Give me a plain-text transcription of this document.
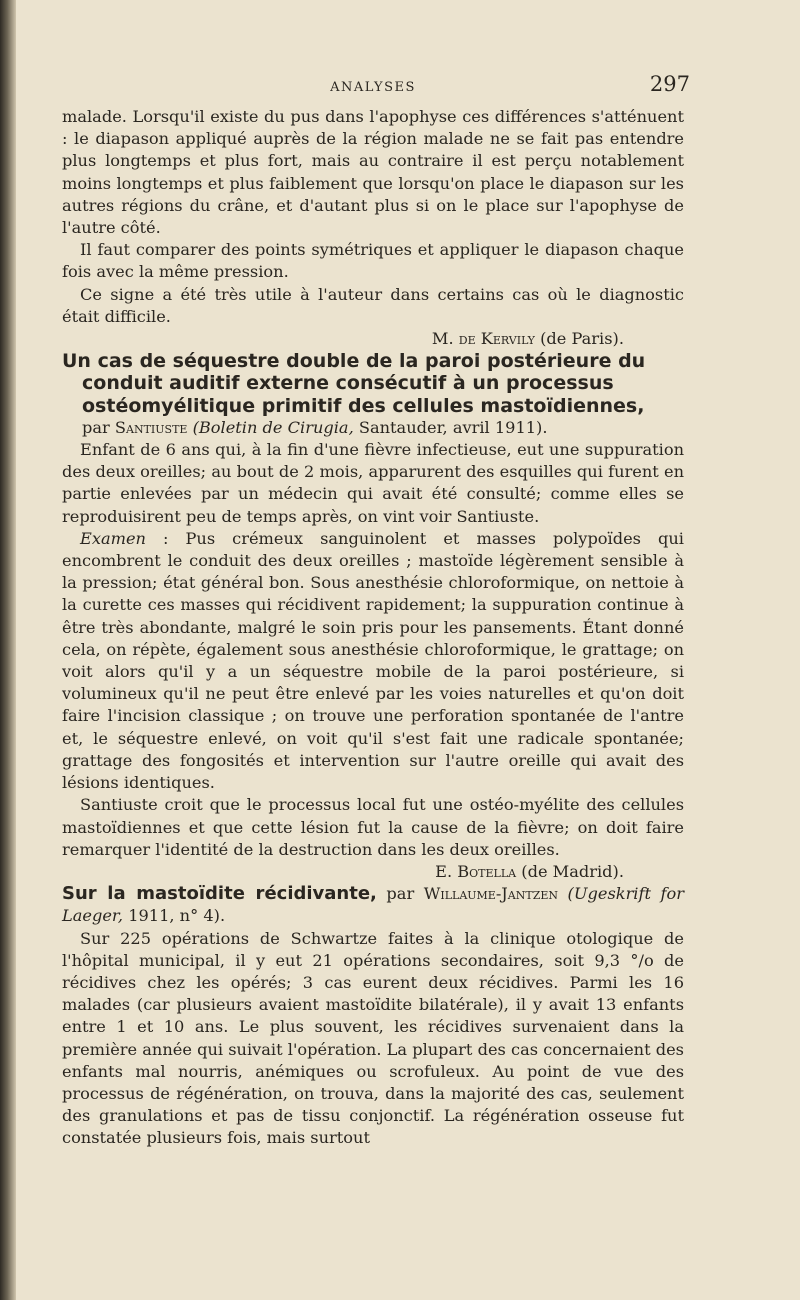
ANALYSES	297

malade. Lorsqu'il existe du pus dans l'apophyse ces différences s'atténuent : le diapason appliqué auprès de la région malade ne se fait pas entendre plus longtemps et plus fort, mais au contraire il est perçu notablement moins longtemps et plus faiblement que lorsqu'on place le diapason sur les autres régions du crâne, et d'autant plus si on le place sur l'apophyse de l'autre côté.

Il faut comparer des points symétriques et appliquer le diapason chaque fois avec la même pression.

Ce signe a été très utile à l'auteur dans certains cas où le diagnostic était difficile.

M. de Kervily (de Paris).
Un cas de séquestre double de la paroi postérieure du
conduit auditif externe consécutif à un processus
ostéomyélitique primitif des cellules mastoïdiennes,

par Santiuste (Boletin de Cirugia, Santauder, avril 1911).

Enfant de 6 ans qui, à la fin d'une fièvre infectieuse, eut une suppuration des deux oreilles; au bout de 2 mois, apparurent des esquilles qui furent en partie enlevées par un médecin qui avait été consulté; comme elles se reproduisirent peu de temps après, on vint voir Santiuste.

Examen : Pus crémeux sanguinolent et masses polypoïdes qui encombrent le conduit des deux oreilles ; mastoïde légèrement sensible à la pression; état général bon. Sous anesthésie chloroformique, on nettoie à la curette ces masses qui récidivent rapidement; la suppuration continue à être très abondante, malgré le soin pris pour les pansements. Étant donné cela, on répète, également sous anesthésie chloroformique, le grattage; on voit alors qu'il y a un séquestre mobile de la paroi postérieure, si volumineux qu'il ne peut être enlevé par les voies naturelles et qu'on doit faire l'incision classique ; on trouve une perforation spontanée de l'antre et, le séquestre enlevé, on voit qu'il s'est fait une radicale spontanée; grattage des fongosités et intervention sur l'autre oreille qui avait des lésions identiques.

Santiuste croit que le processus local fut une ostéo-myélite des cellules mastoïdiennes et que cette lésion fut la cause de la fièvre; on doit faire remarquer l'identité de la destruction dans les deux oreilles.

E. Botella (de Madrid).

Sur la mastoïdite récidivante, par Willaume-Jantzen (Ugeskrift for Laeger, 1911, n° 4).

Sur 225 opérations de Schwartze faites à la clinique otologique de l'hôpital municipal, il y eut 21 opérations secondaires, soit 9,3 °/o de récidives chez les opérés; 3 cas eurent deux récidives. Parmi les 16 malades (car plusieurs avaient mastoïdite bilatérale), il y avait 13 enfants entre 1 et 10 ans. Le plus souvent, les récidives survenaient dans la première année qui suivait l'opération. La plupart des cas concernaient des enfants mal nourris, anémiques ou scrofuleux. Au point de vue des processus de régénération, on trouva, dans la majorité des cas, seulement des granulations et pas de tissu conjonctif. La régénération osseuse fut constatée plusieurs fois, mais surtout
